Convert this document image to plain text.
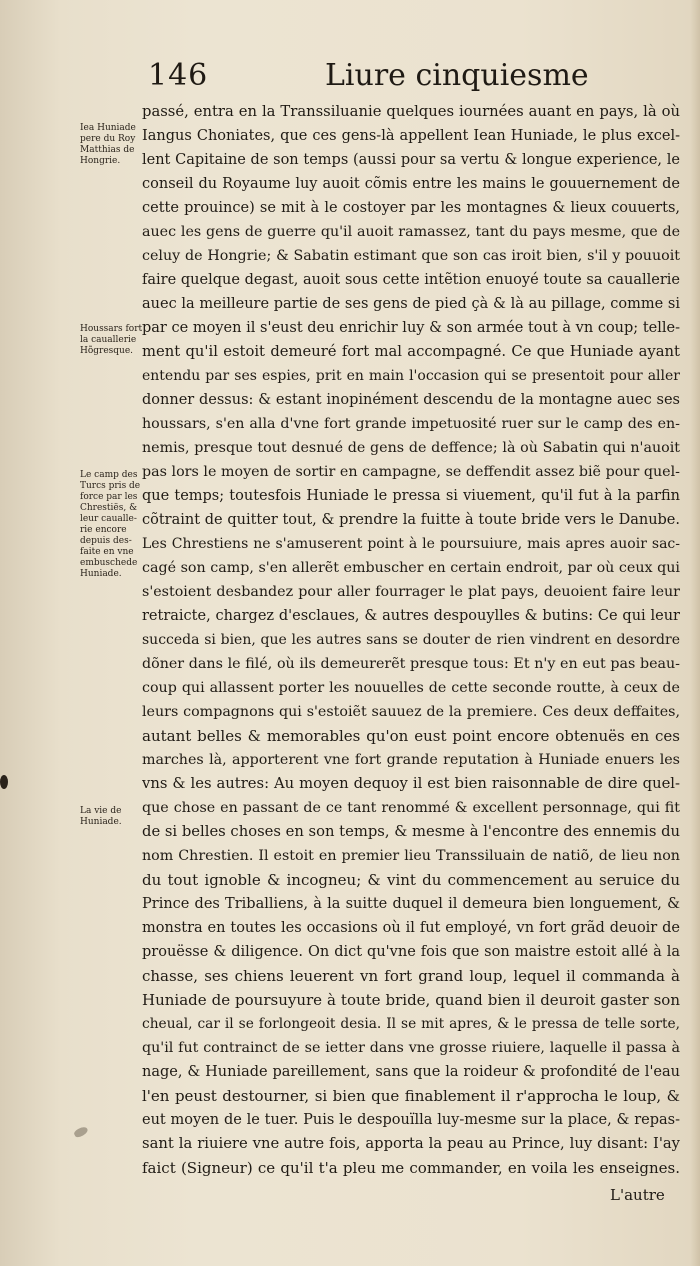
146	Liure cinquiesme
Iea Huniade pere du Roy Matthias de Hongrie.
Houssars fort la cauallerie Hõgresque.
Le camp des Turcs pris de force par les Chrestiës, & leur caualle-rie encore depuis des-faite en vne embuschede Huniade.
La vie de Huniade.
passé, entra en la Transsiluanie quelques iournées auant en pays, là où
Iangus Choniates, que ces gens-là appellent Iean Huniade, le plus excel-
lent Capitaine de son temps (aussi pour sa vertu & longue experience, le
conseil du Royaume luy auoit cõmis entre les mains le gouuernement de
cette prouince) se mit à le costoyer par les montagnes & lieux couuerts,
auec les gens de guerre qu'il auoit ramassez, tant du pays mesme, que de
celuy de Hongrie; & Sabatin estimant que son cas iroit bien, s'il y pouuoit
faire quelque degast, auoit sous cette intẽtion enuoyé toute sa cauallerie
auec la meilleure partie de ses gens de pied çà & là au pillage, comme si
par ce moyen il s'eust deu enrichir luy & son armée tout à vn coup; telle-
ment qu'il estoit demeuré fort mal accompagné. Ce que Huniade ayant
entendu par ses espies, prit en main l'occasion qui se presentoit pour aller
donner dessus: & estant inopinément descendu de la montagne auec ses
houssars, s'en alla d'vne fort grande impetuosité ruer sur le camp des en-
nemis, presque tout desnué de gens de deffence; là où Sabatin qui n'auoit
pas lors le moyen de sortir en campagne, se deffendit assez biẽ pour quel-
que temps; toutesfois Huniade le pressa si viuement, qu'il fut à la parfin
cõtraint de quitter tout, & prendre la fuitte à toute bride vers le Danube.
Les Chrestiens ne s'amuserent point à le poursuiure, mais apres auoir sac-
cagé son camp, s'en allerẽt embuscher en certain endroit, par où ceux qui
s'estoient desbandez pour aller fourrager le plat pays, deuoient faire leur
retraicte, chargez d'esclaues, & autres despouylles & butins: Ce qui leur
succeda si bien, que les autres sans se douter de rien vindrent en desordre
dõner dans le filé, où ils demeurerẽt presque tous: Et n'y en eut pas beau-
coup qui allassent porter les nouuelles de cette seconde routte, à ceux de
leurs compagnons qui s'estoiẽt sauuez de la premiere. Ces deux deffaites,
autant belles & memorables qu'on eust point encore obtenuës en ces
marches là, apporterent vne fort grande reputation à Huniade enuers les
vns & les autres: Au moyen dequoy il est bien raisonnable de dire quel-
que chose en passant de ce tant renommé & excellent personnage, qui fit
de si belles choses en son temps, & mesme à l'encontre des ennemis du
nom Chrestien. Il estoit en premier lieu Transsiluain de natiõ, de lieu non
du tout ignoble & incogneu; & vint du commencement au seruice du
Prince des Triballiens, à la suitte duquel il demeura bien longuement, &
monstra en toutes les occasions où il fut employé, vn fort grãd deuoir de
prouësse & diligence. On dict qu'vne fois que son maistre estoit allé à la
chasse, ses chiens leuerent vn fort grand loup, lequel il commanda à
Huniade de poursuyure à toute bride, quand bien il deuroit gaster son
cheual, car il se forlongeoit desia. Il se mit apres, & le pressa de telle sorte,
qu'il fut contrainct de se ietter dans vne grosse riuiere, laquelle il passa à
nage, & Huniade pareillement, sans que la roideur & profondité de l'eau
l'en peust destourner, si bien que finablement il r'approcha le loup, &
eut moyen de le tuer. Puis le despouïlla luy-mesme sur la place, & repas-
sant la riuiere vne autre fois, apporta la peau au Prince, luy disant: I'ay
faict (Signeur) ce qu'il t'a pleu me commander, en voila les enseignes.
L'autre
